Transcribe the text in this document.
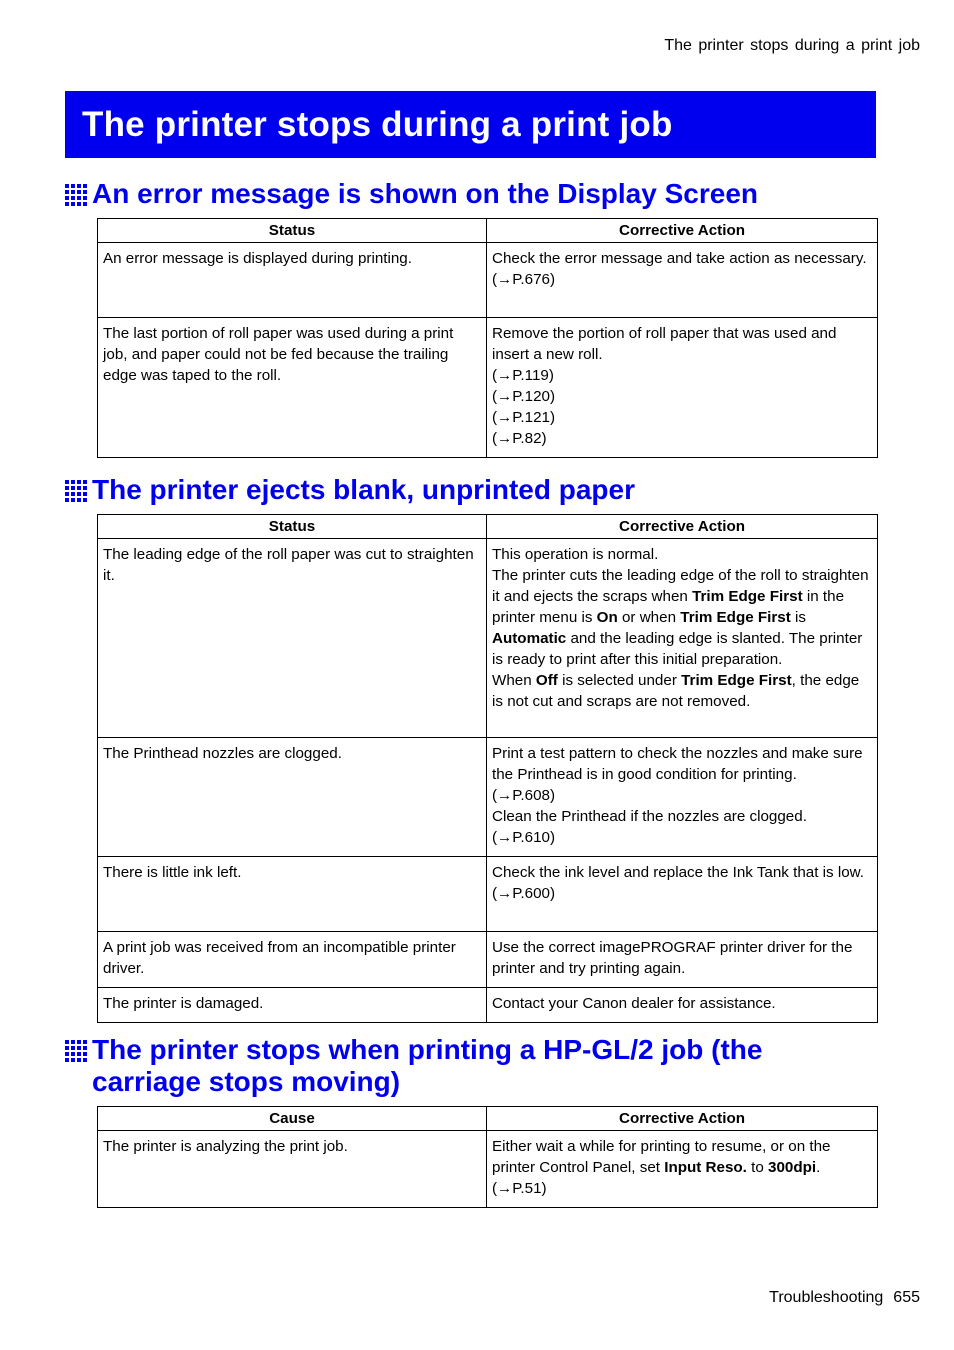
The printer stops during a print job
The printer stops during a print job
An error message is shown on the Display Screen
Status	Corrective Action
An error message is displayed during printing.	Check the error message and take action as necessary.
(→P.676)

The last portion of roll paper was used during a print job, and paper could not be fed because the trailing edge was taped to the roll.	Remove the portion of roll paper that was used and insert a new roll.
(→P.119)
(→P.120)
(→P.121)
(→P.82)
The printer ejects blank, unprinted paper
Status	Corrective Action
The leading edge of the roll paper was cut to straighten it.	This operation is normal.
The printer cuts the leading edge of the roll to straighten it and ejects the scraps when Trim Edge First in the printer menu is On or when Trim Edge First is Automatic and the leading edge is slanted. The printer is ready to print after this initial preparation.
When Off is selected under Trim Edge First, the edge is not cut and scraps are not removed.

The Printhead nozzles are clogged.	Print a test pattern to check the nozzles and make sure the Printhead is in good condition for printing.
(→P.608)
Clean the Printhead if the nozzles are clogged.
(→P.610)

There is little ink left.	Check the ink level and replace the Ink Tank that is low.
(→P.600)

A print job was received from an incompatible printer driver.	Use the correct imagePROGRAF printer driver for the printer and try printing again.

The printer is damaged.	Contact your Canon dealer for assistance.
The printer stops when printing a HP-GL/2 job (the
carriage stops moving)
Cause	Corrective Action
The printer is analyzing the print job.	Either wait a while for printing to resume, or on the printer Control Panel, set Input Reso. to 300dpi.
(→P.51)
Troubleshooting 655
